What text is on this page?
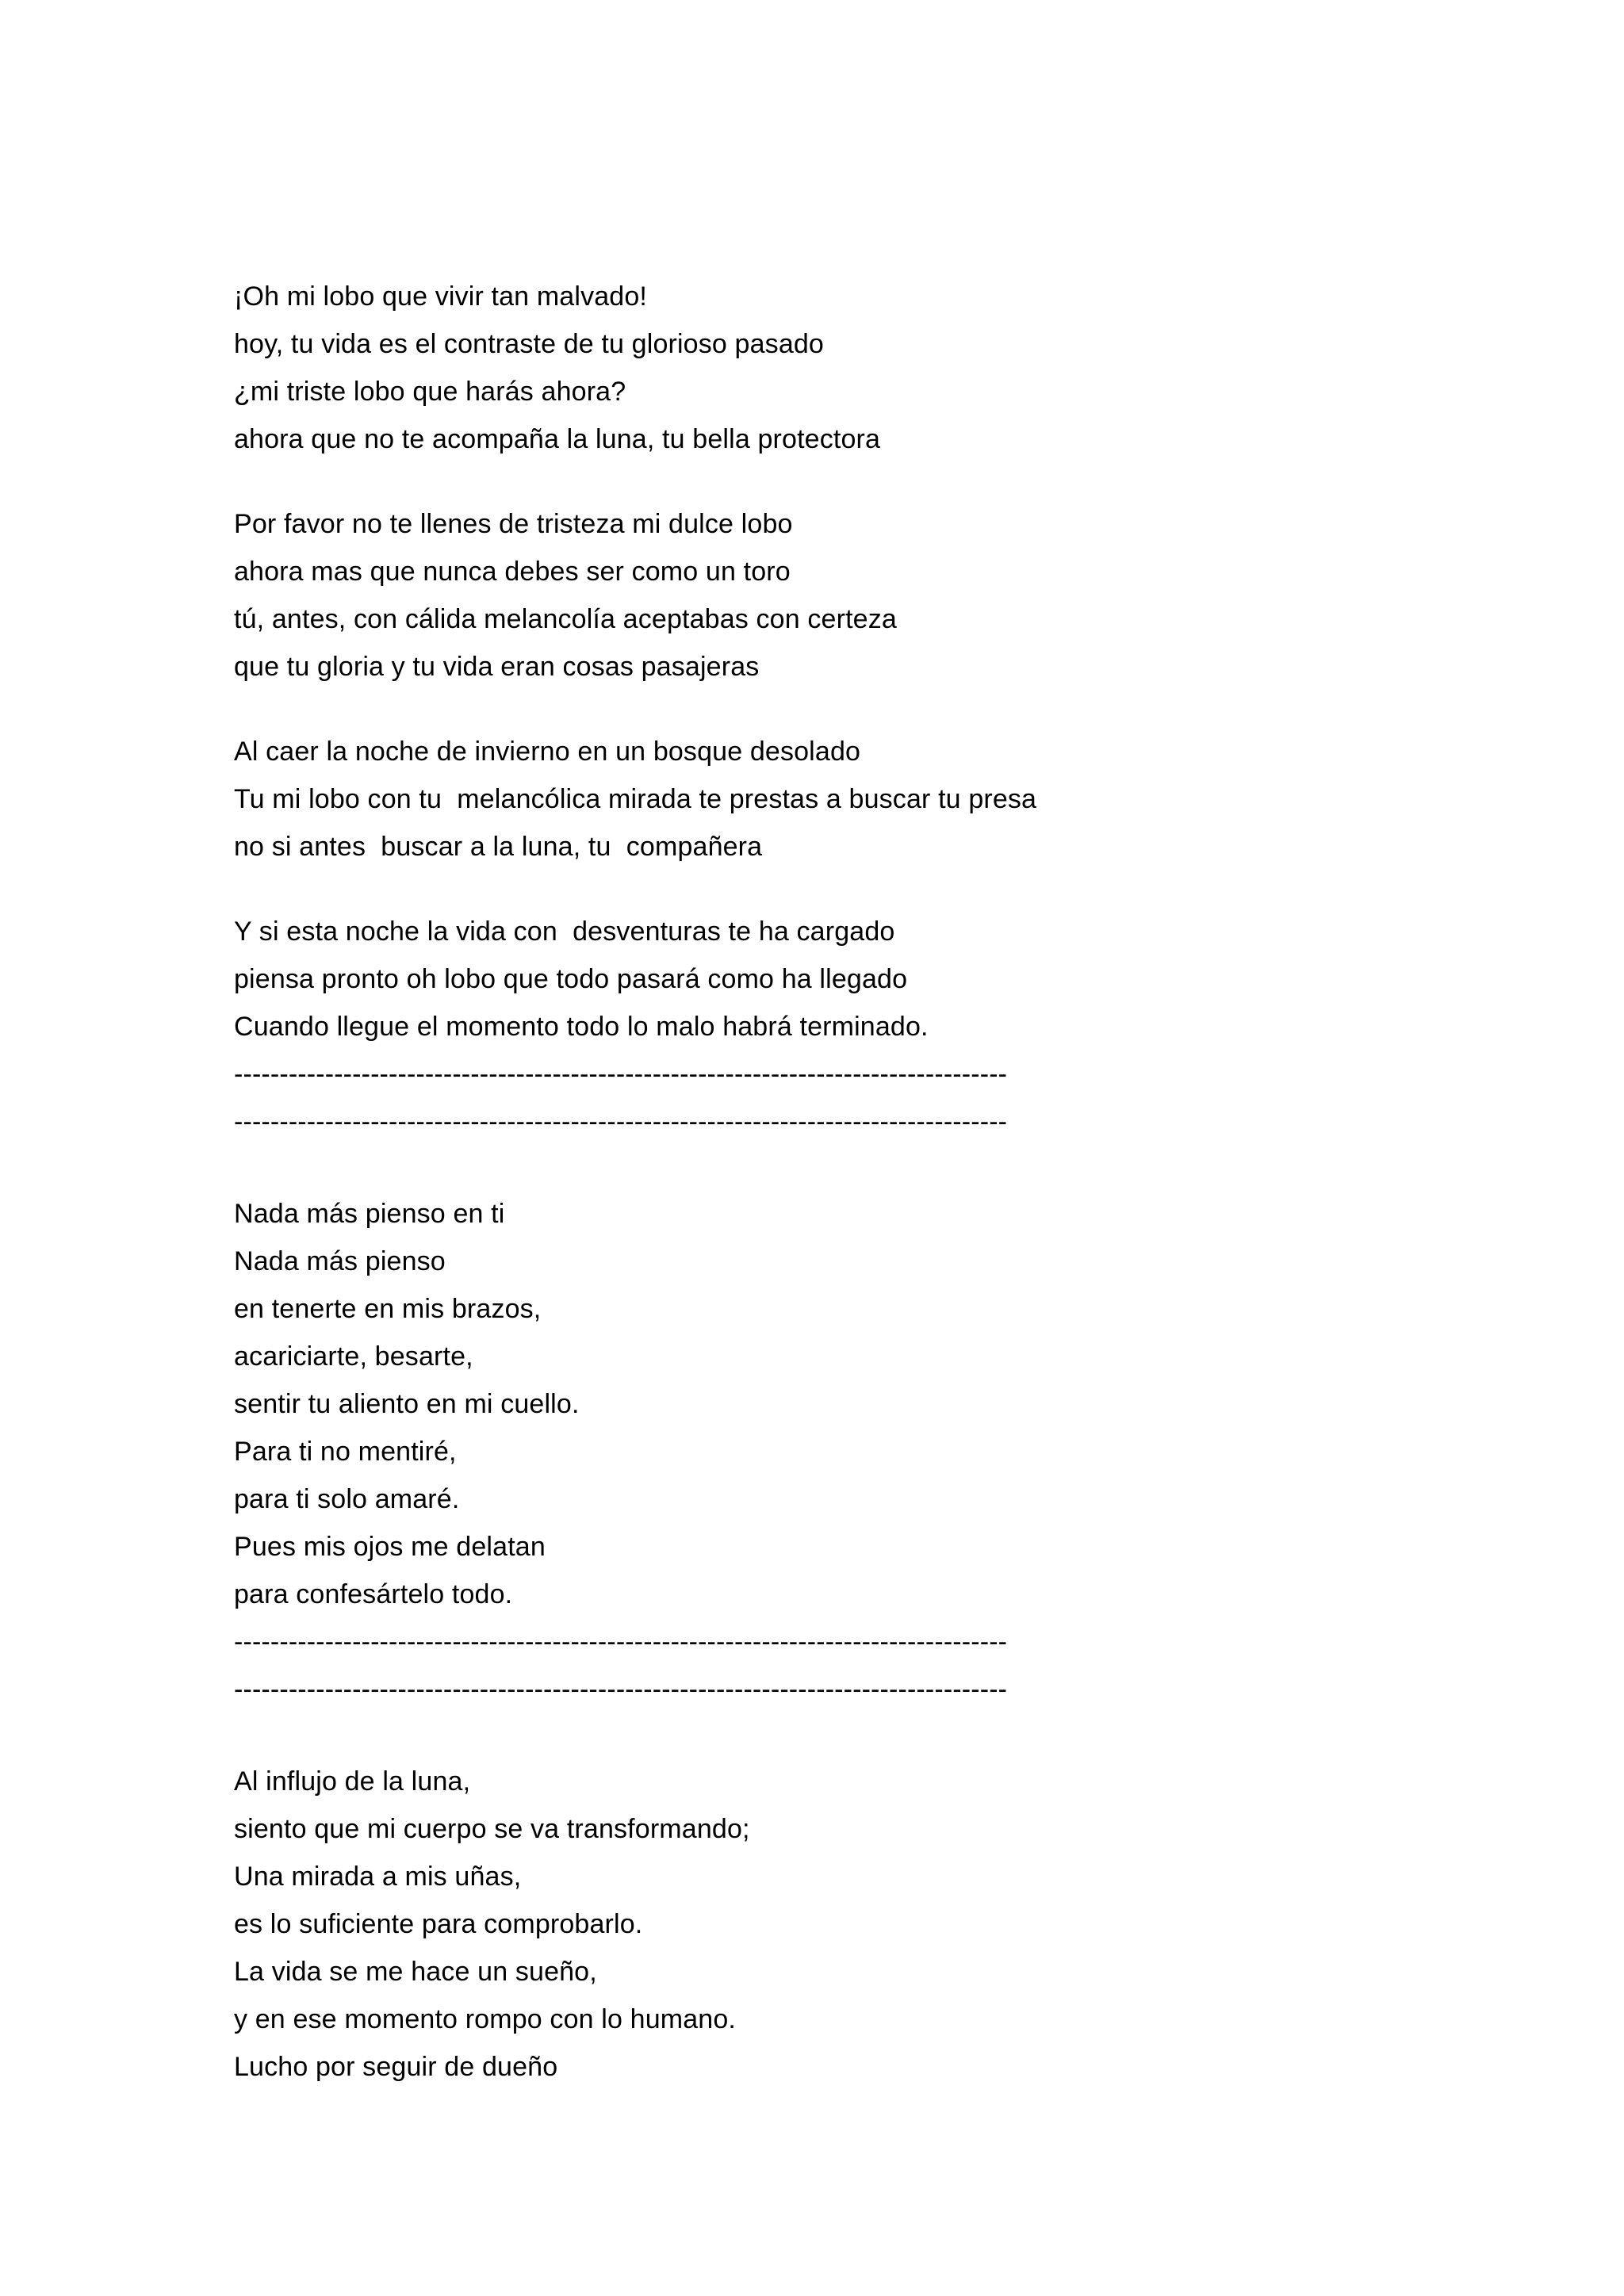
¡Oh mi lobo que vivir tan malvado!
hoy, tu vida es el contraste de tu glorioso pasado
¿mi triste lobo que harás ahora?
ahora que no te acompaña la luna, tu bella protectora
Por favor no te llenes de tristeza mi dulce lobo
ahora mas que nunca debes ser como un toro
tú, antes, con cálida melancolía aceptabas con certeza
que tu gloria y tu vida eran cosas pasajeras
Al caer la noche de invierno en un bosque desolado
Tu mi lobo con tu  melancólica mirada te prestas a buscar tu presa
no si antes  buscar a la luna, tu  compañera
Y si esta noche la vida con  desventuras te ha cargado
piensa pronto oh lobo que todo pasará como ha llegado
Cuando llegue el momento todo lo malo habrá terminado.
-------------------------------------------------------------------------------------
-------------------------------------------------------------------------------------
Nada más pienso en ti
Nada más pienso
en tenerte en mis brazos,
acariciarte, besarte,
sentir tu aliento en mi cuello.
Para ti no mentiré,
para ti solo amaré.
Pues mis ojos me delatan
para confesártelo todo.
-------------------------------------------------------------------------------------
-------------------------------------------------------------------------------------
Al influjo de la luna,
siento que mi cuerpo se va transformando;
Una mirada a mis uñas,
es lo suficiente para comprobarlo.
La vida se me hace un sueño,
y en ese momento rompo con lo humano.
Lucho por seguir de dueño
